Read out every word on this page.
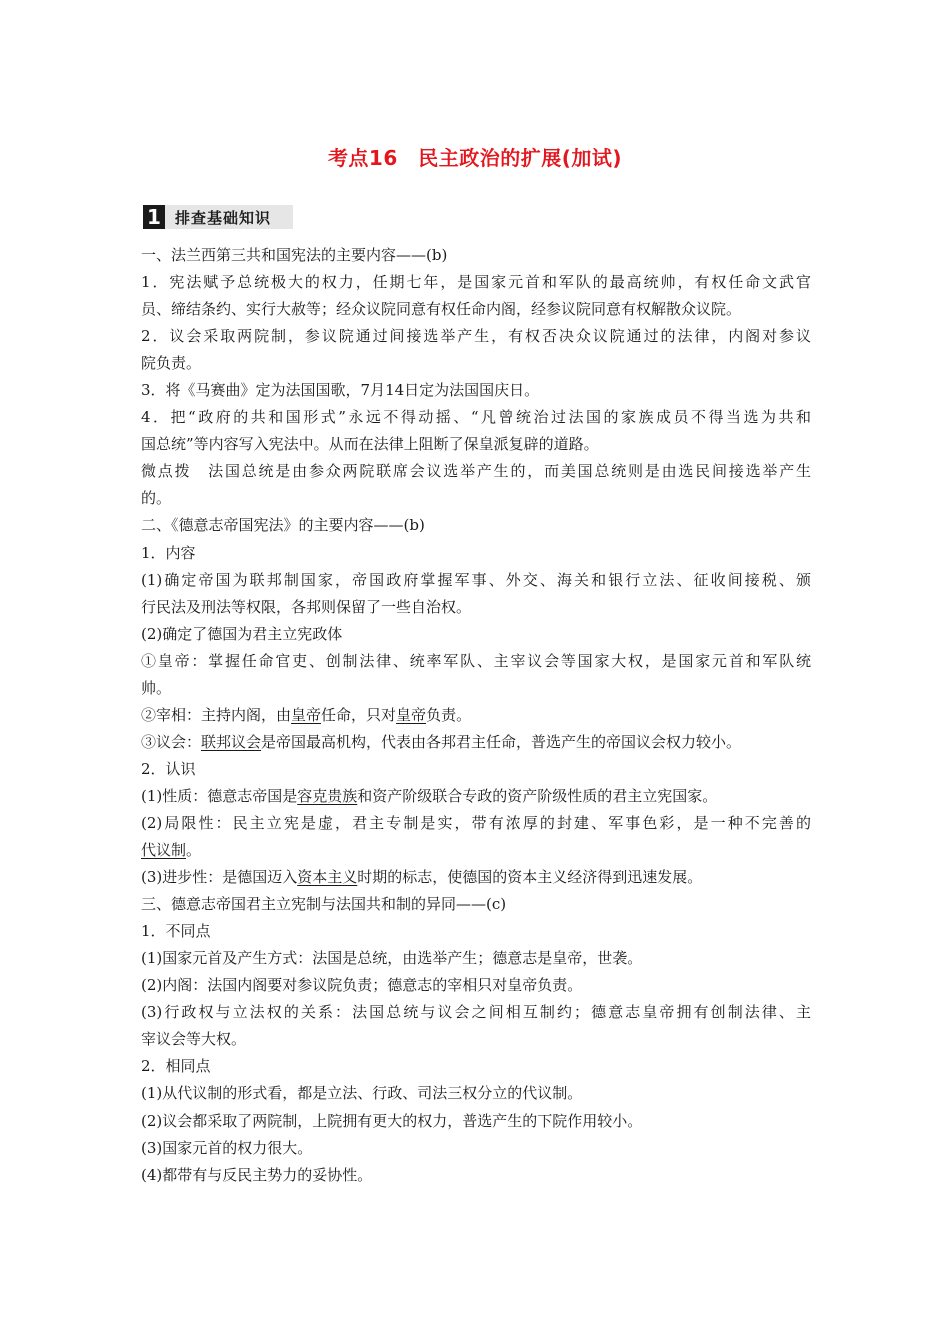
考点16　民主政治的扩展(加试)
1 排查基础知识
一、法兰西第三共和国宪法的主要内容——(b)
1．宪法赋予总统极大的权力，任期七年，是国家元首和军队的最高统帅，有权任命文武官
员、缔结条约、实行大赦等；经众议院同意有权任命内阁，经参议院同意有权解散众议院。
2．议会采取两院制，参议院通过间接选举产生，有权否决众议院通过的法律，内阁对参议
院负责。
3．将《马赛曲》定为法国国歌，7月14日定为法国国庆日。
4．把“政府的共和国形式”永远不得动摇、“凡曾统治过法国的家族成员不得当选为共和
国总统”等内容写入宪法中。从而在法律上阻断了保皇派复辟的道路。
微点拨　法国总统是由参众两院联席会议选举产生的，而美国总统则是由选民间接选举产生
的。
二、《德意志帝国宪法》的主要内容——(b)
1．内容
(1)确定帝国为联邦制国家，帝国政府掌握军事、外交、海关和银行立法、征收间接税、颁
行民法及刑法等权限，各邦则保留了一些自治权。
(2)确定了德国为君主立宪政体
①皇帝：掌握任命官吏、创制法律、统率军队、主宰议会等国家大权，是国家元首和军队统
帅。
②宰相：主持内阁，由皇帝任命，只对皇帝负责。
③议会：联邦议会是帝国最高机构，代表由各邦君主任命，普选产生的帝国议会权力较小。
2．认识
(1)性质：德意志帝国是容克贵族和资产阶级联合专政的资产阶级性质的君主立宪国家。
(2)局限性：民主立宪是虚，君主专制是实，带有浓厚的封建、军事色彩，是一种不完善的
代议制。
(3)进步性：是德国迈入资本主义时期的标志，使德国的资本主义经济得到迅速发展。
三、德意志帝国君主立宪制与法国共和制的异同——(c)
1．不同点
(1)国家元首及产生方式：法国是总统，由选举产生；德意志是皇帝，世袭。
(2)内阁：法国内阁要对参议院负责；德意志的宰相只对皇帝负责。
(3)行政权与立法权的关系：法国总统与议会之间相互制约；德意志皇帝拥有创制法律、主
宰议会等大权。
2．相同点
(1)从代议制的形式看，都是立法、行政、司法三权分立的代议制。
(2)议会都采取了两院制，上院拥有更大的权力，普选产生的下院作用较小。
(3)国家元首的权力很大。
(4)都带有与反民主势力的妥协性。
